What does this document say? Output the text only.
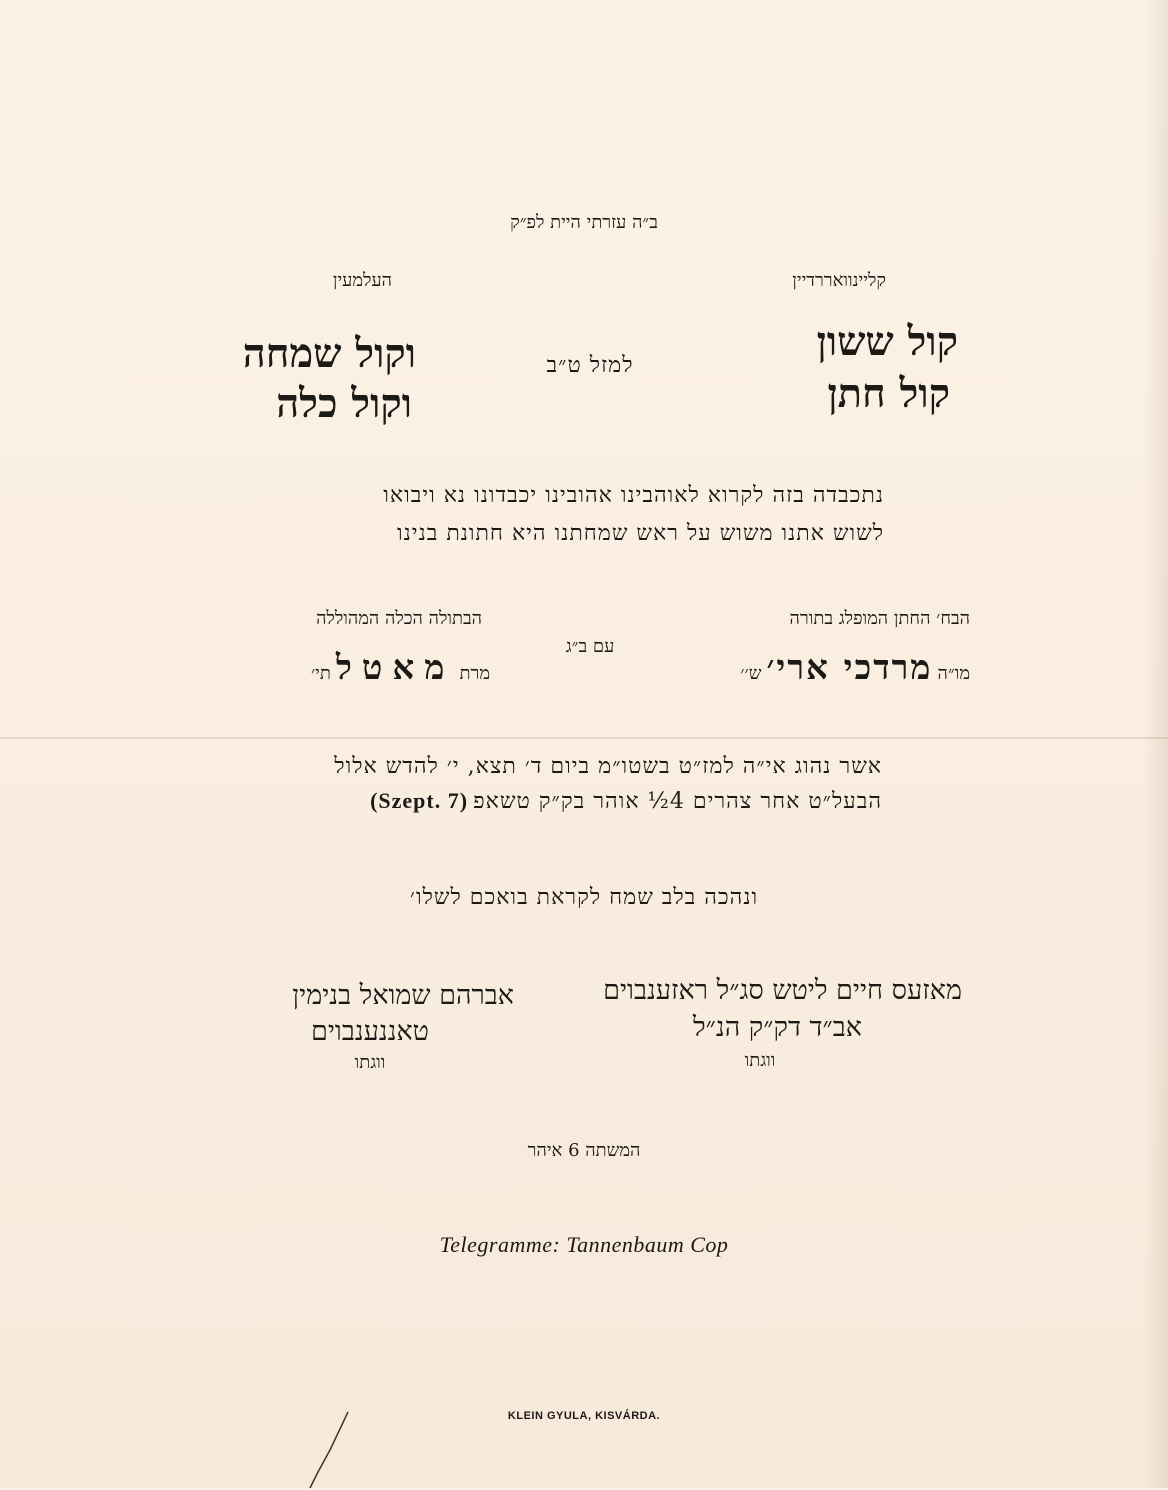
ב״ה עזרתי היית לפ״ק
קליינוואררדיין
העלמעין
קול ששון
קול חתן
למזל ט״ב
וקול שמחה
וקול כלה
נתכבדה בזה לקרוא לאוהבינו אהובינו יכבדונו נא ויבואו
לשוש אתנו משוש על ראש שמחתנו היא חתונת בנינו
הבח׳ החתן המופלג בתורה
הבתולה הכלה המהוללה
עם ב״ג
מו״ה מרדכי ארי׳ ש׳׳
מרת מאטל תי׳
אשר נהוג אי״ה למז״ט בשטו״מ ביום ד׳ תצא, י׳ להדש אלול
הבעל״ט אחר צהרים 4½ אוהר בק״ק טשאפ (Szept. 7)
ונהכה בלב שמח לקראת בואכם לשלו׳
מאזעס חיים ליטש סג״ל ראזענבוים
אב״ד דק״ק הנ״ל
ווגתו
אברהם שמואל בנימין
טאננענבוים
ווגתו
המשתה 6 איהר
Telegramme: Tannenbaum Cop
KLEIN GYULA, KISVÁRDA.
